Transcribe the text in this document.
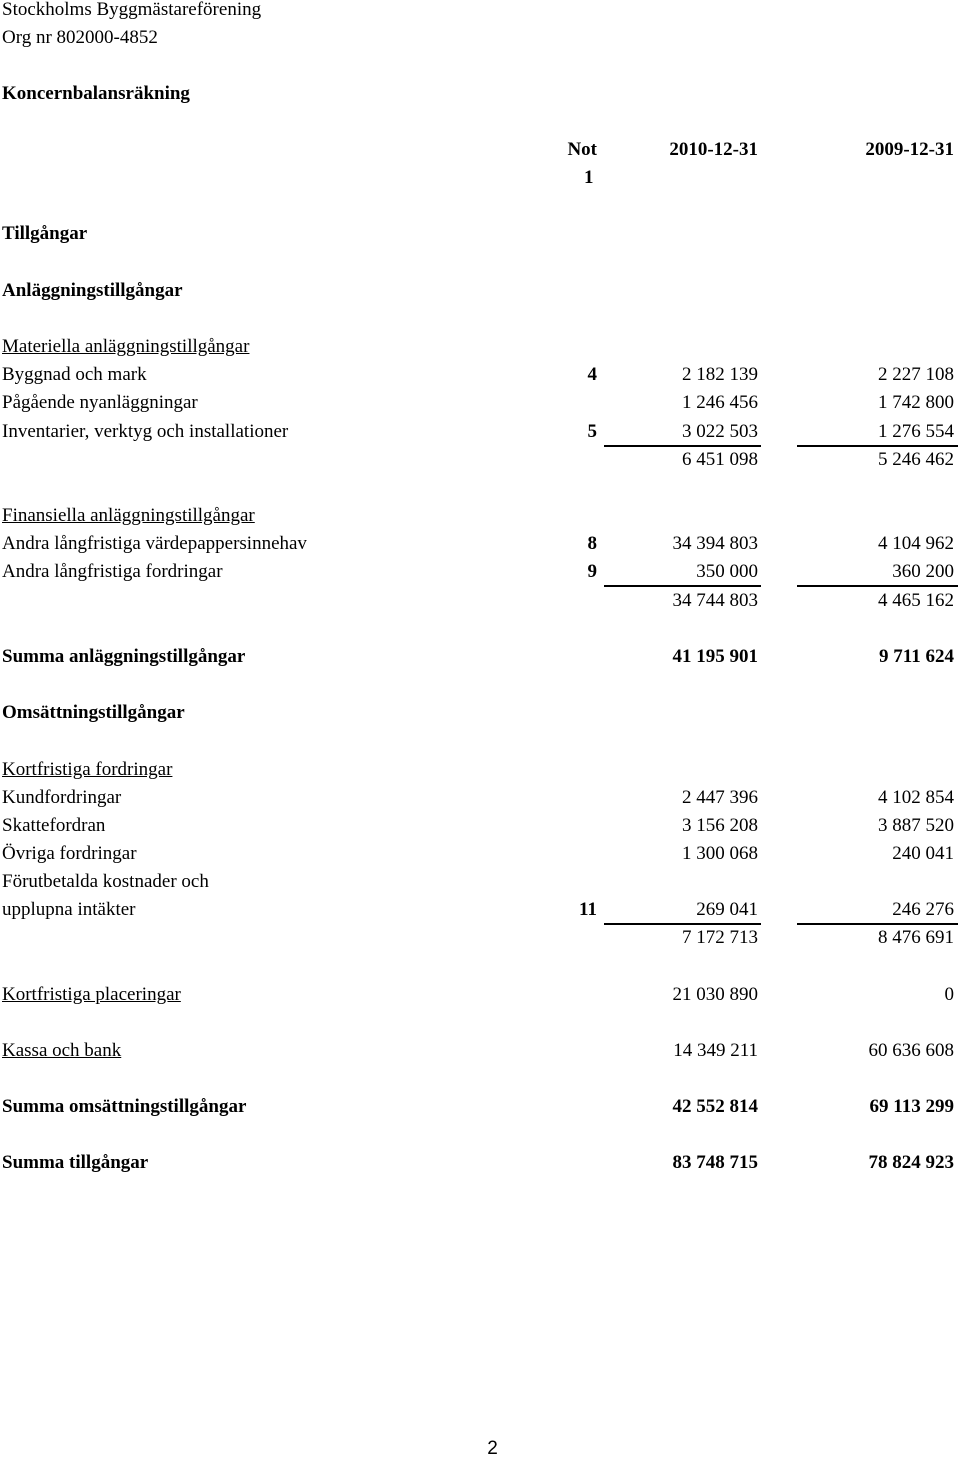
Stockholms Byggmästareförening
Org nr 802000-4852
Koncernbalansräkning
Not	2010-12-31	2009-12-31
1
Tillgångar
Anläggningstillgångar
Materiella anläggningstillgångar
Byggnad och mark	4	2 182 139	2 227 108
Pågående nyanläggningar	1 246 456	1 742 800
Inventarier, verktyg och installationer	5	3 022 503	1 276 554
6 451 098	5 246 462
Finansiella anläggningstillgångar
Andra långfristiga värdepappersinnehav	8	34 394 803	4 104 962
Andra långfristiga fordringar	9	350 000	360 200
34 744 803	4 465 162
Summa anläggningstillgångar	41 195 901	9 711 624
Omsättningstillgångar
Kortfristiga fordringar
Kundfordringar	2 447 396	4 102 854
Skattefordran	3 156 208	3 887 520
Övriga fordringar	1 300 068	240 041
Förutbetalda kostnader och
upplupna intäkter	11	269 041	246 276
7 172 713	8 476 691
Kortfristiga placeringar	21 030 890	0
Kassa och bank	14 349 211	60 636 608
Summa omsättningstillgångar	42 552 814	69 113 299
Summa tillgångar	83 748 715	78 824 923
2
